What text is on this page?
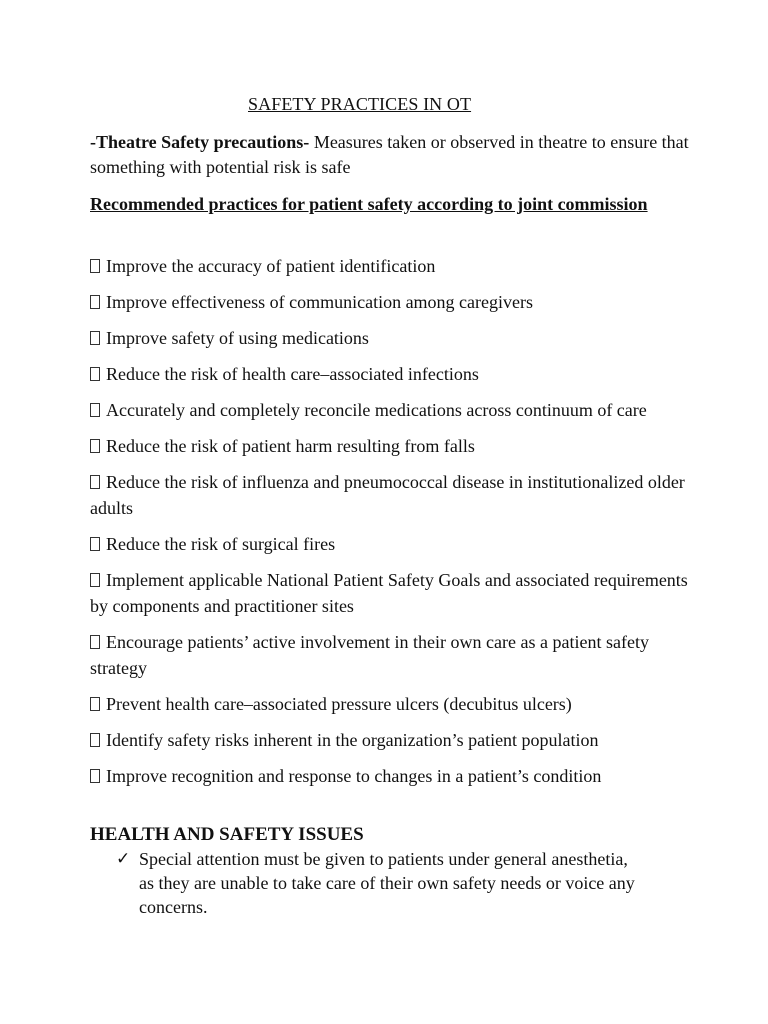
SAFETY PRACTICES IN OT
-Theatre Safety precautions- Measures taken or observed in theatre to ensure that something with potential risk is safe
Recommended practices for patient safety according to joint commission
Improve the accuracy of patient identification
Improve effectiveness of communication among caregivers
Improve safety of using medications
Reduce the risk of health care–associated infections
Accurately and completely reconcile medications across continuum of care
Reduce the risk of patient harm resulting from falls
Reduce the risk of influenza and pneumococcal disease in institutionalized older adults
Reduce the risk of surgical fires
Implement applicable National Patient Safety Goals and associated requirements by components and practitioner sites
Encourage patients’ active involvement in their own care as a patient safety strategy
Prevent health care–associated pressure ulcers (decubitus ulcers)
Identify safety risks inherent in the organization’s patient population
Improve recognition and response to changes in a patient’s condition
HEALTH AND SAFETY ISSUES
✓ Special attention must be given to patients under general anesthetia, as they are unable to take care of their own safety needs or voice any concerns.
